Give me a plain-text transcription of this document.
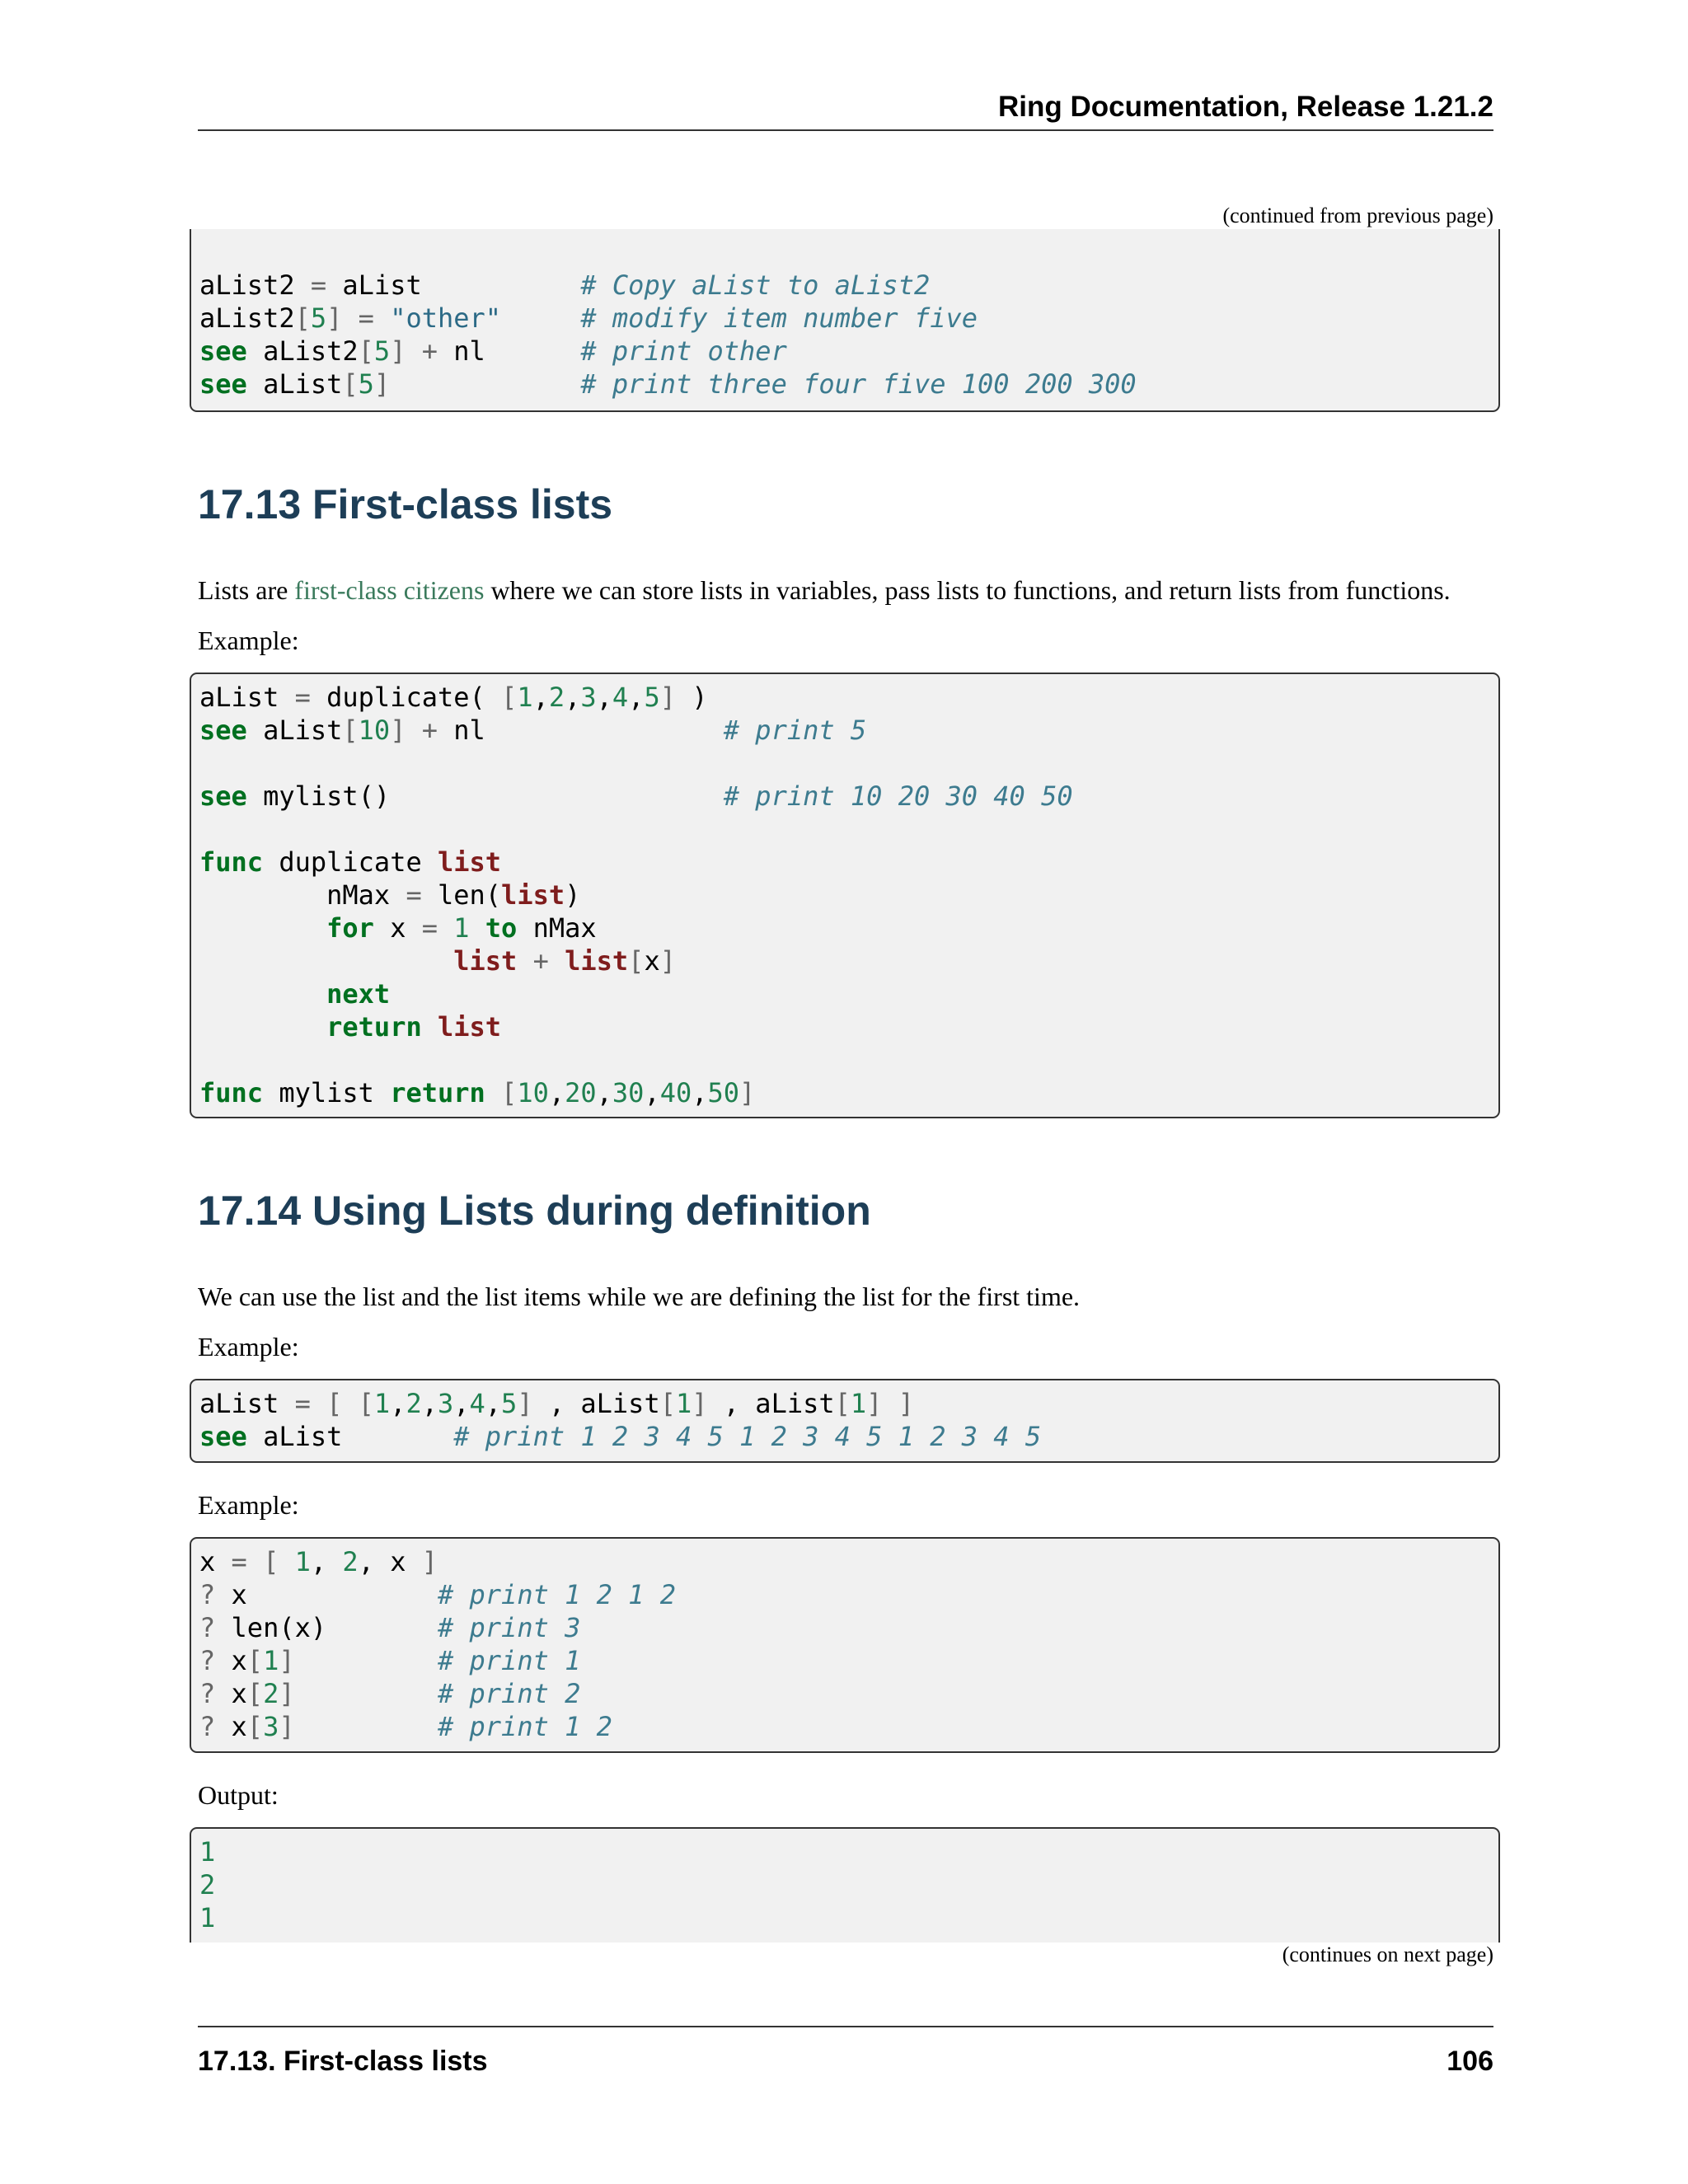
Ring Documentation, Release 1.21.2
(continued from previous page)
aList2 = aList          # Copy aList to aList2
aList2[5] = "other"	# modify item number five
see aList2[5] + nl      # print other
see aList[5]	# print three four five 100 200 300
17.13 First-class lists
Lists are first-class citizens where we can store lists in variables, pass lists to functions, and return lists from functions.
Example:
aList = duplicate( [1,2,3,4,5] )
see aList[10] + nl               # print 5
see mylist()                     # print 10 20 30 40 50
func duplicate list
nMax = len(list)
for x = 1 to nMax
list + list[x]
next
return list
func mylist return [10,20,30,40,50]
17.14 Using Lists during definition
We can use the list and the list items while we are defining the list for the first time.
Example:
aList = [ [1,2,3,4,5] , aList[1] , aList[1] ]
see aList       # print 1 2 3 4 5 1 2 3 4 5 1 2 3 4 5
Example:
x = [ 1, 2, x ]
? x            # print 1 2 1 2
? len(x)       # print 3
? x[1]	# print 1
? x[2]	# print 2
? x[3]	# print 1 2
Output:
1
2
1
(continues on next page)
17.13. First-class lists	106
